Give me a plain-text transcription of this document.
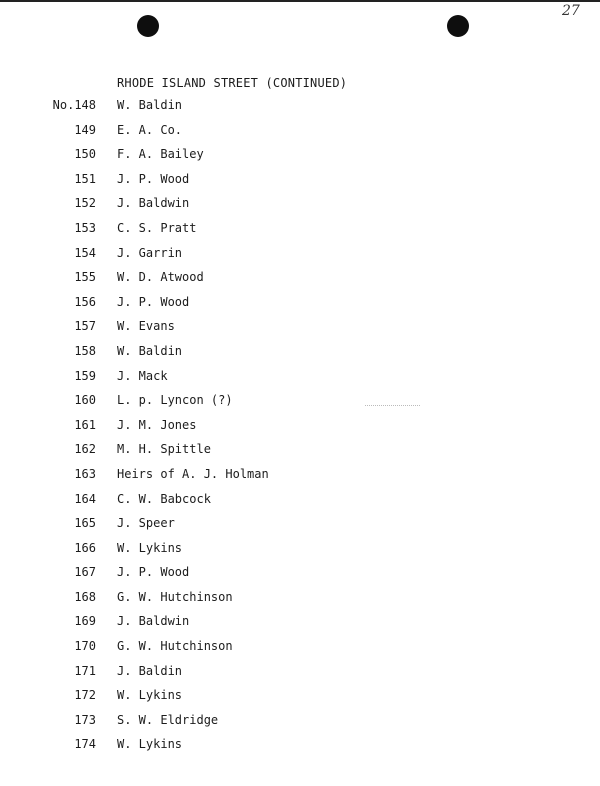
27
RHODE ISLAND STREET (CONTINUED)
No.148 W. Baldin
149 E. A. Co.
150 F. A. Bailey
151 J. P. Wood
152 J. Baldwin
153 C. S. Pratt
154 J. Garrin
155 W. D. Atwood
156 J. P. Wood
157 W. Evans
158 W. Baldin
159 J. Mack
160 L. p. Lyncon (?)
161 J. M. Jones
162 M. H. Spittle
163 Heirs of A. J. Holman
164 C. W. Babcock
165 J. Speer
166 W. Lykins
167 J. P. Wood
168 G. W. Hutchinson
169 J. Baldwin
170 G. W. Hutchinson
171 J. Baldin
172 W. Lykins
173 S. W. Eldridge
174 W. Lykins
